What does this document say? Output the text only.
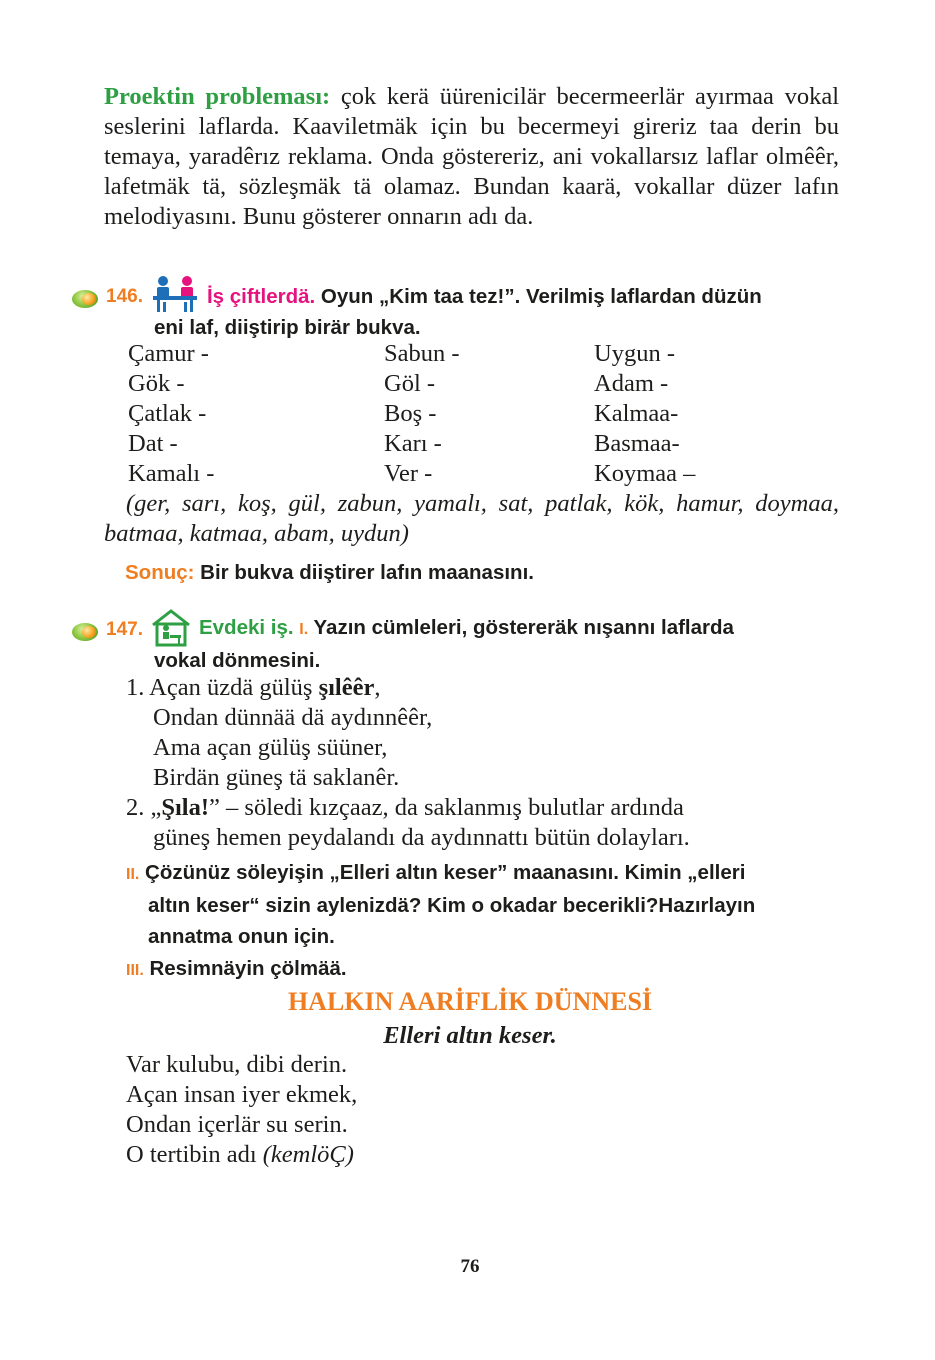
Proektin probleması: çok kerä üürenicilär becermeerlär ayırmaa vokal seslerini laflarda. Kaaviletmäk için bu becermeyi gireriz taa derin bu temaya, yaradêrız reklama. Onda göstereriz, ani vokallarsız laflar olmêêr, lafetmäk tä, sözleşmäk tä olamaz. Bundan kaarä, vokallar düzer lafın melodiyasını. Bunu gösterer onnarın adı da.
146.	İş çiftlerdä. Oyun „Kim taa tez!”. Verilmiş laflardan düzün
eni laf, diiştirip birär bukva.
Çamur -
Gök -
Çatlak -
Dat -
Kamalı -
Sabun -
Göl -
Boş -
Karı -
Ver -
Uygun -
Adam -
Kalmaa-
Basmaa-
Koymaa –
(ger, sarı, koş, gül, zabun, yamalı, sat, patlak, kök, hamur, doymaa, batmaa, katmaa, abam, uydun)
Sonuç: Bir bukva diiştirer lafın maanasını.
147.	Evdeki iş. I. Yazın cümleleri, göstereräk nışannı laflarda
vokal dönmesini.
1. Açan üzdä gülüş şılêêr,
Ondan dünnää dä aydınnêêr,
Ama açan gülüş süüner,
Birdän güneş tä saklanêr.
2. „Şıla!” – söledi kızçaaz, da saklanmış bulutlar ardında
güneş hemen peydalandı da aydınnattı bütün dolayları.
II. Çözünüz söleyişin „Elleri altın keser” maanasını. Kimin „elleri
altın keser“ sizin aylenizdä? Kim o okadar becerikli?Hazırlayın
annatma onun için.
III. Resimnäyin çölmää.
HALKIN AARİFLİK DÜNNESİ
Elleri altın keser.
Var kulubu, dibi derin.
Açan insan iyer ekmek,
Ondan içerlär su serin.
O tertibin adı (kemlöÇ)
76
